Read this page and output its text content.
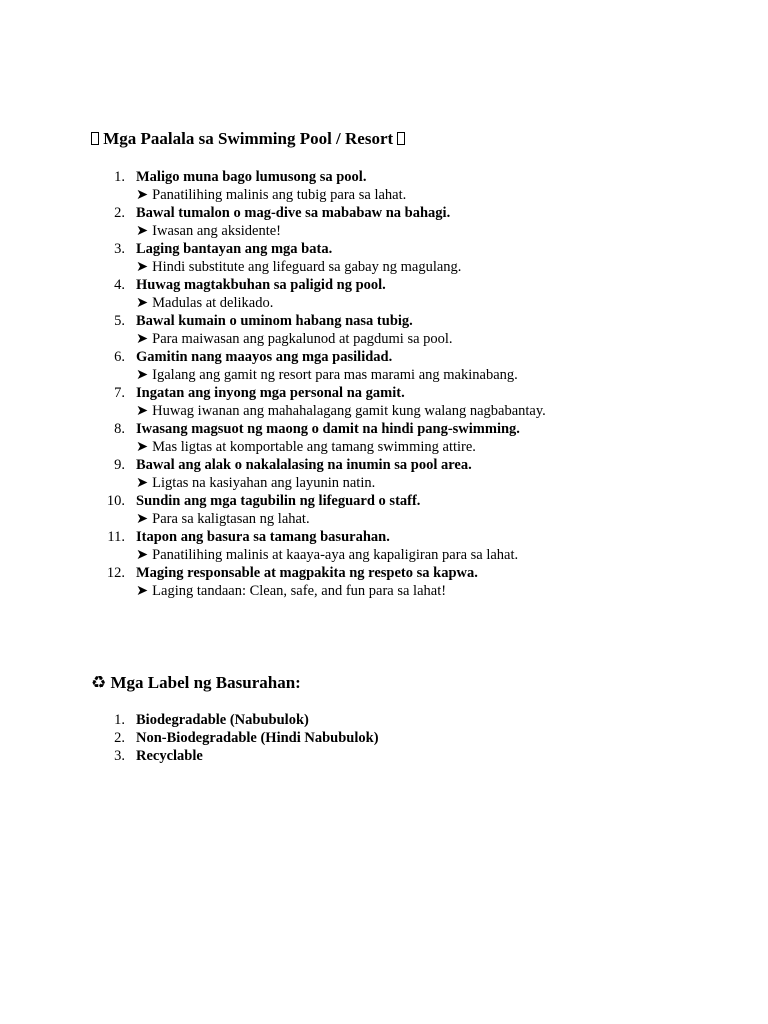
Mga Paalala sa Swimming Pool / Resort
1. Maligo muna bago lumusong sa pool.
➤ Panatilihing malinis ang tubig para sa lahat.
2. Bawal tumalon o mag-dive sa mababaw na bahagi.
➤ Iwasan ang aksidente!
3. Laging bantayan ang mga bata.
➤ Hindi substitute ang lifeguard sa gabay ng magulang.
4. Huwag magtakbuhan sa paligid ng pool.
➤ Madulas at delikado.
5. Bawal kumain o uminom habang nasa tubig.
➤ Para maiwasan ang pagkalunod at pagdumi sa pool.
6. Gamitin nang maayos ang mga pasilidad.
➤ Igalang ang gamit ng resort para mas marami ang makinabang.
7. Ingatan ang inyong mga personal na gamit.
➤ Huwag iwanan ang mahahalagang gamit kung walang nagbabantay.
8. Iwasang magsuot ng maong o damit na hindi pang-swimming.
➤ Mas ligtas at komportable ang tamang swimming attire.
9. Bawal ang alak o nakalalasing na inumin sa pool area.
➤ Ligtas na kasiyahan ang layunin natin.
10. Sundin ang mga tagubilin ng lifeguard o staff.
➤ Para sa kaligtasan ng lahat.
11. Itapon ang basura sa tamang basurahan.
➤ Panatilihing malinis at kaaya-aya ang kapaligiran para sa lahat.
12. Maging responsable at magpakita ng respeto sa kapwa.
➤ Laging tandaan: Clean, safe, and fun para sa lahat!
♻ Mga Label ng Basurahan:
1. Biodegradable (Nabubulok)
2. Non-Biodegradable (Hindi Nabubulok)
3. Recyclable
